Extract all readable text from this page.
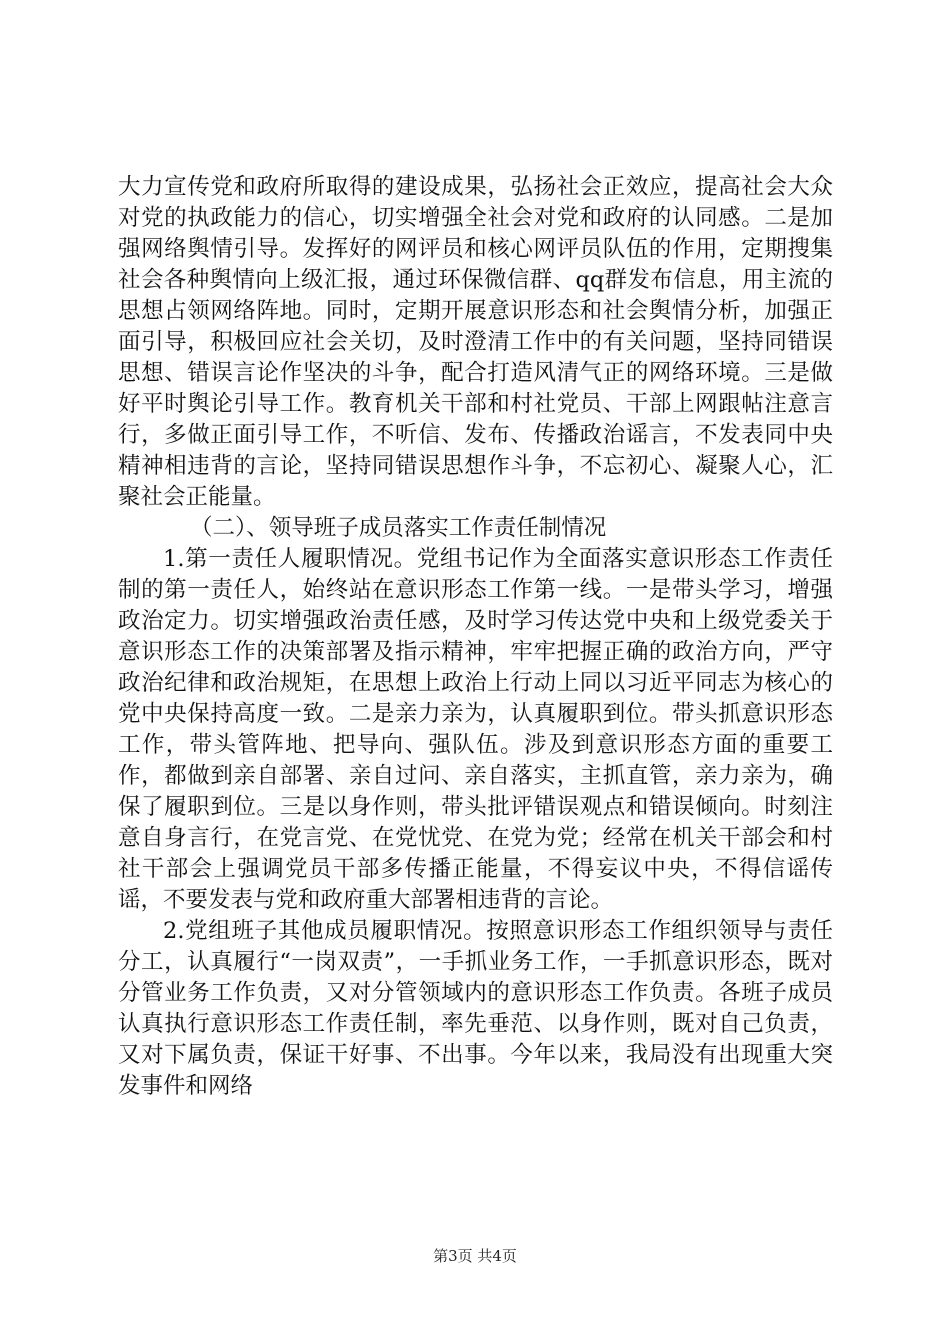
大力宣传党和政府所取得的建设成果，弘扬社会正效应，提高社会大众对党的执政能力的信心，切实增强全社会对党和政府的认同感。二是加强网络舆情引导。发挥好的网评员和核心网评员队伍的作用，定期搜集社会各种舆情向上级汇报，通过环保微信群、qq群发布信息，用主流的思想占领网络阵地。同时，定期开展意识形态和社会舆情分析，加强正面引导，积极回应社会关切，及时澄清工作中的有关问题，坚持同错误思想、错误言论作坚决的斗争，配合打造风清气正的网络环境。三是做好平时舆论引导工作。教育机关干部和村社党员、干部上网跟帖注意言行，多做正面引导工作，不听信、发布、传播政治谣言，不发表同中央精神相违背的言论，坚持同错误思想作斗争，不忘初心、凝聚人心，汇聚社会正能量。

（二）、领导班子成员落实工作责任制情况

1.第一责任人履职情况。党组书记作为全面落实意识形态工作责任制的第一责任人，始终站在意识形态工作第一线。一是带头学习，增强政治定力。切实增强政治责任感，及时学习传达党中央和上级党委关于意识形态工作的决策部署及指示精神，牢牢把握正确的政治方向，严守政治纪律和政治规矩，在思想上政治上行动上同以习近平同志为核心的党中央保持高度一致。二是亲力亲为，认真履职到位。带头抓意识形态工作，带头管阵地、把导向、强队伍。涉及到意识形态方面的重要工作，都做到亲自部署、亲自过问、亲自落实，主抓直管，亲力亲为，确保了履职到位。三是以身作则，带头批评错误观点和错误倾向。时刻注意自身言行，在党言党、在党忧党、在党为党；经常在机关干部会和村社干部会上强调党员干部多传播正能量，不得妄议中央，不得信谣传谣，不要发表与党和政府重大部署相违背的言论。

2.党组班子其他成员履职情况。按照意识形态工作组织领导与责任分工，认真履行“一岗双责”，一手抓业务工作，一手抓意识形态，既对分管业务工作负责，又对分管领域内的意识形态工作负责。各班子成员认真执行意识形态工作责任制，率先垂范、以身作则，既对自己负责，又对下属负责，保证干好事、不出事。今年以来，我局没有出现重大突发事件和网络

第3页 共4页
